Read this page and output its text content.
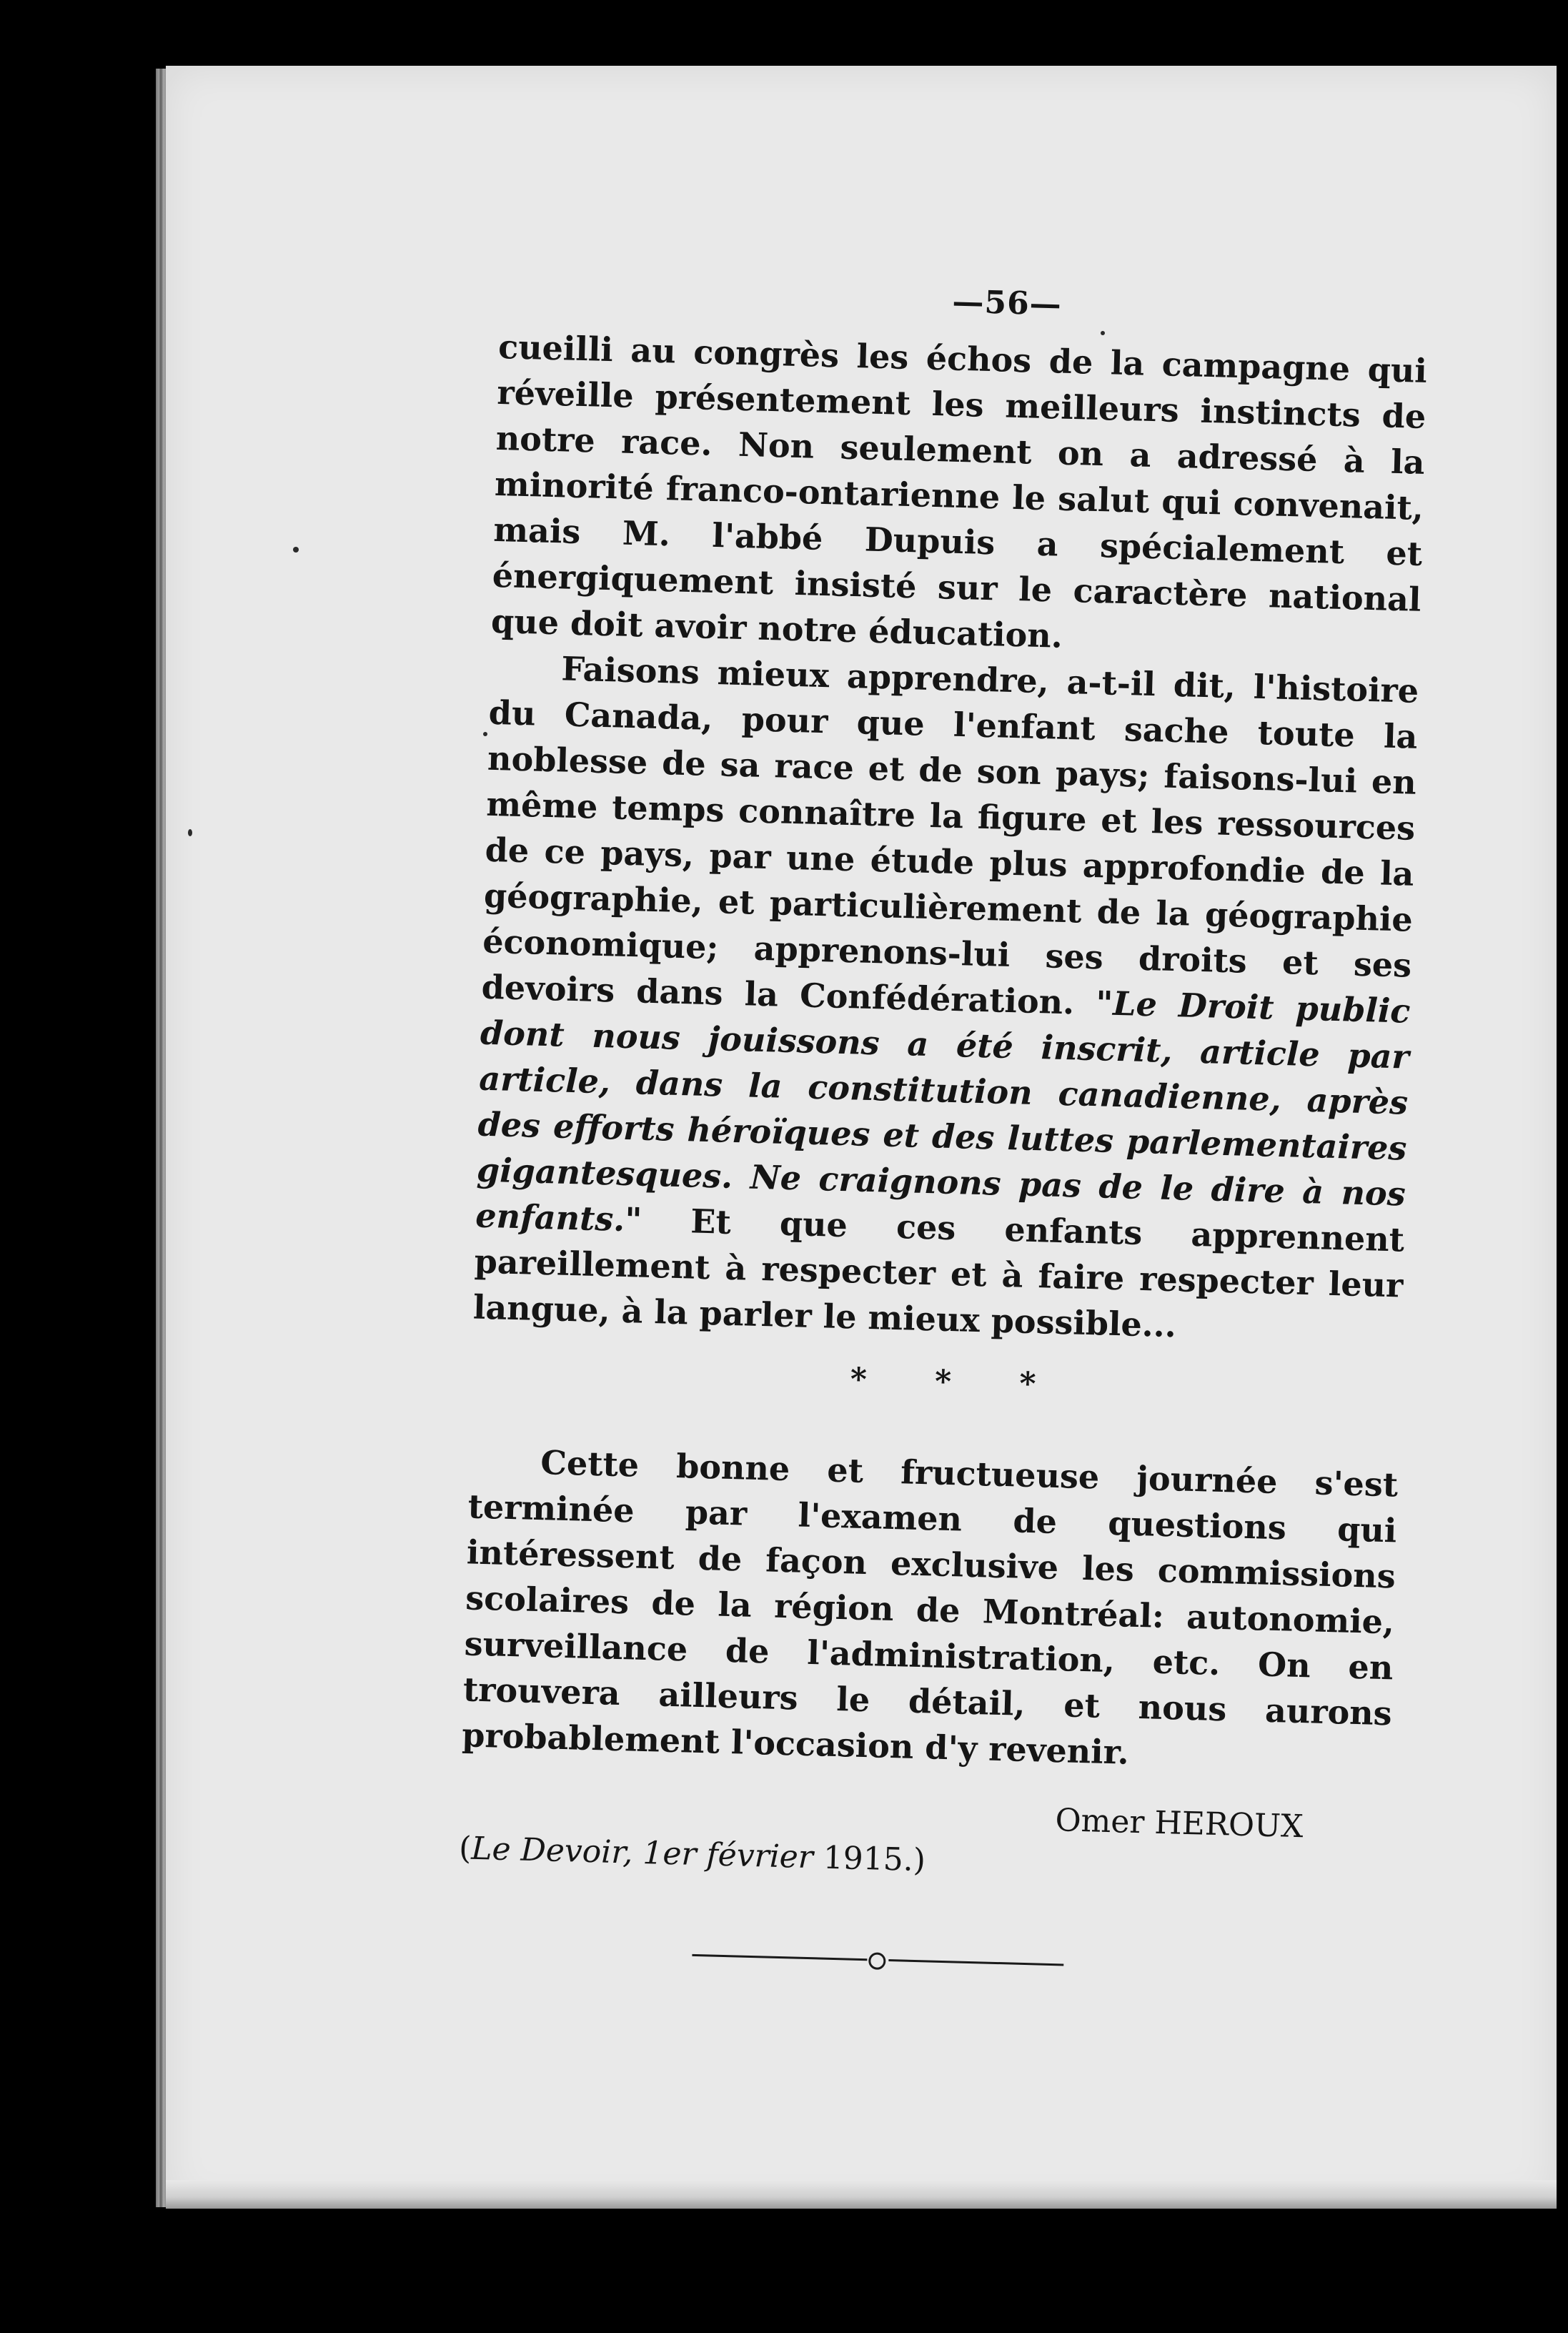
—56—

cueilli au congrès les échos de la campagne qui réveille présentement les meilleurs instincts de notre race. Non seulement on a adressé à la minorité franco-ontarienne le salut qui convenait, mais M. l'abbé Dupuis a spécialement et énergiquement insisté sur le caractère national que doit avoir notre éducation.

Faisons mieux apprendre, a-t-il dit, l'histoire du Canada, pour que l'enfant sache toute la noblesse de sa race et de son pays; faisons-lui en même temps connaître la figure et les ressources de ce pays, par une étude plus approfondie de la géographie, et particulièrement de la géographie économique; apprenons-lui ses droits et ses devoirs dans la Confédération. "Le Droit public dont nous jouissons a été inscrit, article par article, dans la constitution canadienne, après des efforts héroïques et des luttes parlementaires gigantesques. Ne craignons pas de le dire à nos enfants." Et que ces enfants apprennent pareillement à respecter et à faire respecter leur langue, à la parler le mieux possible...

* * *

Cette bonne et fructueuse journée s'est terminée par l'examen de questions qui intéressent de façon exclusive les commissions scolaires de la région de Montréal: autonomie, surveillance de l'administration, etc. On en trouvera ailleurs le détail, et nous aurons probablement l'occasion d'y revenir.

Omer HEROUX
(Le Devoir, 1er février 1915.)
